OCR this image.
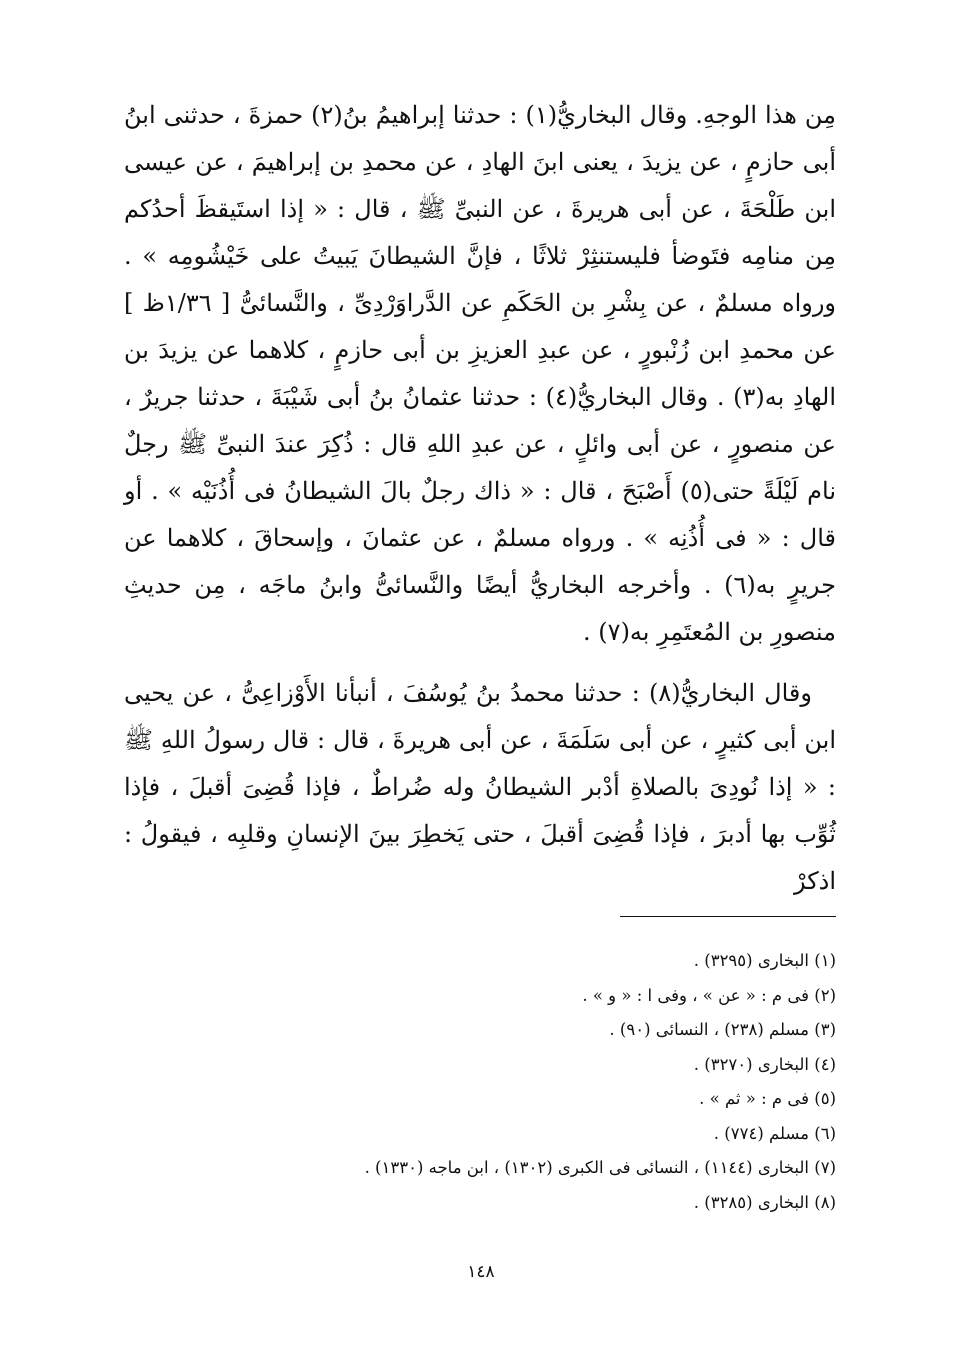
مِن هذا الوجهِ. وقال البخاريُّ(١) : حدثنا إبراهيمُ بنُ(٢) حمزةَ ، حدثنى ابنُ أبى حازمٍ ، عن يزيدَ ، يعنى ابنَ الهادِ ، عن محمدِ بن إبراهيمَ ، عن عيسى ابن طَلْحَةَ ، عن أبى هريرةَ ، عن النبىِّ ﷺ ، قال : « إذا استَيقظَ أحدُكم مِن منامِه فتَوضأ فليستنثِرْ ثلاثًا ، فإنَّ الشيطانَ يَبيتُ على خَيْشُومِه » . ورواه مسلمٌ ، عن بِشْرِ بن الحَكَمِ عن الدَّراوَرْدِىِّ ، والنَّسائىُّ [ ١/٣٦ظ ] عن محمدِ ابن زُنْبورٍ ، عن عبدِ العزيزِ بن أبى حازمٍ ، كلاهما عن يزيدَ بن الهادِ به(٣) . وقال البخاريُّ(٤) : حدثنا عثمانُ بنُ أبى شَيْبَةَ ، حدثنا جريرٌ ، عن منصورٍ ، عن أبى وائلٍ ، عن عبدِ اللهِ قال : ذُكِرَ عندَ النبىِّ ﷺ رجلٌ نام لَيْلَةً حتى(٥) أَصْبَحَ ، قال : « ذاك رجلٌ بالَ الشيطانُ فى أُذُنَيْه » . أو قال : « فى أُذُنِه » . ورواه مسلمٌ ، عن عثمانَ ، وإسحاقَ ، كلاهما عن جريرٍ به(٦) . وأخرجه البخاريُّ أيضًا والنَّسائىُّ وابنُ ماجَه ، مِن حديثِ منصورِ بن المُعتَمِرِ به(٧) .

وقال البخاريُّ(٨) : حدثنا محمدُ بنُ يُوسُفَ ، أنبأنا الأَوْزاعِىُّ ، عن يحيى ابن أبى كثيرٍ ، عن أبى سَلَمَةَ ، عن أبى هريرةَ ، قال : قال رسولُ اللهِ ﷺ : « إذا نُودِىَ بالصلاةِ أدْبر الشيطانُ وله ضُراطٌ ، فإذا قُضِىَ أقبلَ ، فإذا ثُوِّب بها أدبرَ ، فإذا قُضِىَ أقبلَ ، حتى يَخطِرَ بينَ الإنسانِ وقلبِه ، فيقولُ : اذكرْ

(١) البخارى (٣٢٩٥) .
(٢) فى م : « عن » ، وفى ا : « و » .
(٣) مسلم (٢٣٨) ، النسائى (٩٠) .
(٤) البخارى (٣٢٧٠) .
(٥) فى م : « ثم » .
(٦) مسلم (٧٧٤) .
(٧) البخارى (١١٤٤) ، النسائى فى الكبرى (١٣٠٢) ، ابن ماجه (١٣٣٠) .
(٨) البخارى (٣٢٨٥) .
١٤٨
